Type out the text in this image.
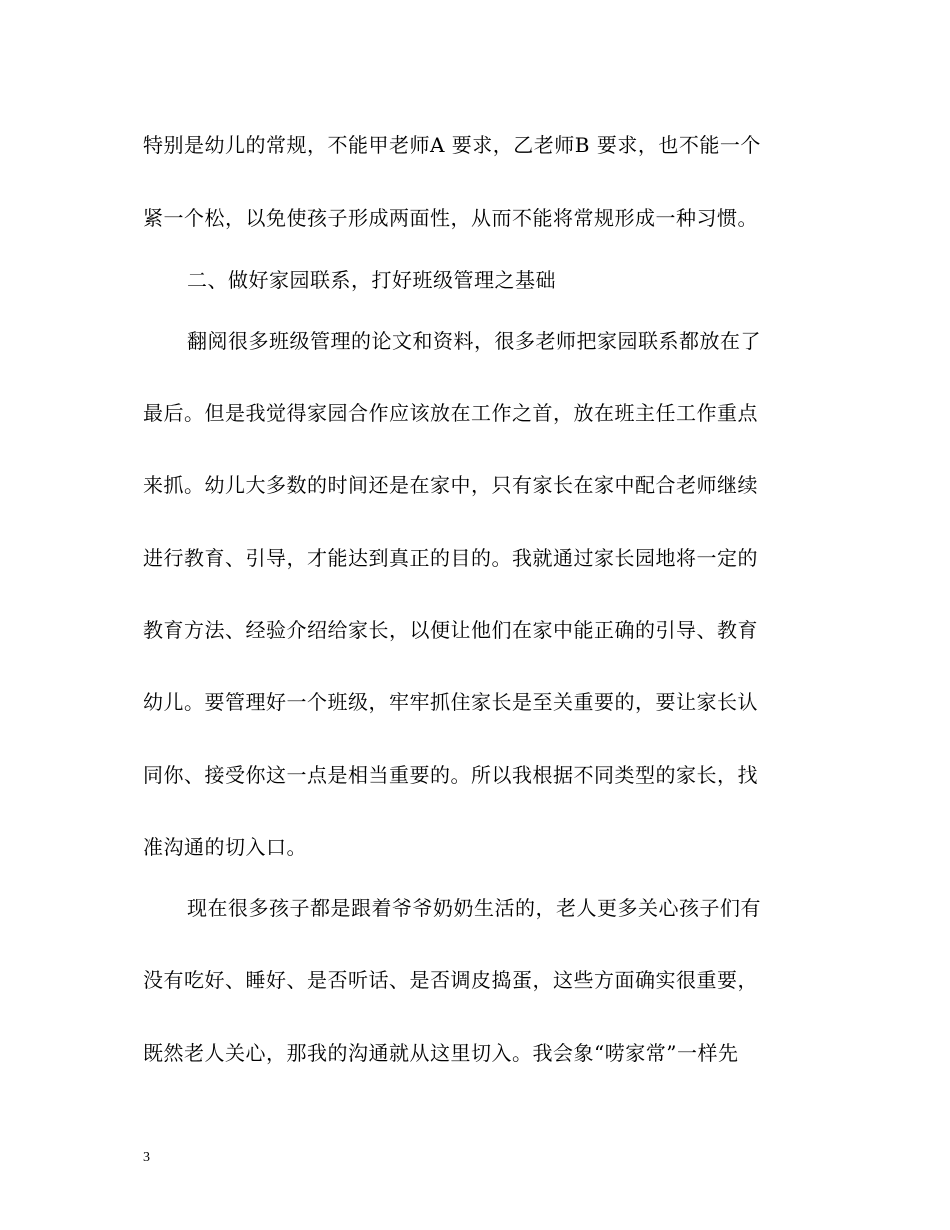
特别是幼儿的常规，不能甲老师A 要求，乙老师B 要求，也不能一个
紧一个松，以免使孩子形成两面性，从而不能将常规形成一种习惯。
二、做好家园联系，打好班级管理之基础
翻阅很多班级管理的论文和资料，很多老师把家园联系都放在了
最后。但是我觉得家园合作应该放在工作之首，放在班主任工作重点
来抓。幼儿大多数的时间还是在家中，只有家长在家中配合老师继续
进行教育、引导，才能达到真正的目的。我就通过家长园地将一定的
教育方法、经验介绍给家长，以便让他们在家中能正确的引导、教育
幼儿。要管理好一个班级，牢牢抓住家长是至关重要的，要让家长认
同你、接受你这一点是相当重要的。所以我根据不同类型的家长，找
准沟通的切入口。
现在很多孩子都是跟着爷爷奶奶生活的，老人更多关心孩子们有
没有吃好、睡好、是否听话、是否调皮捣蛋，这些方面确实很重要，
既然老人关心，那我的沟通就从这里切入。我会象“唠家常”一样先
3
